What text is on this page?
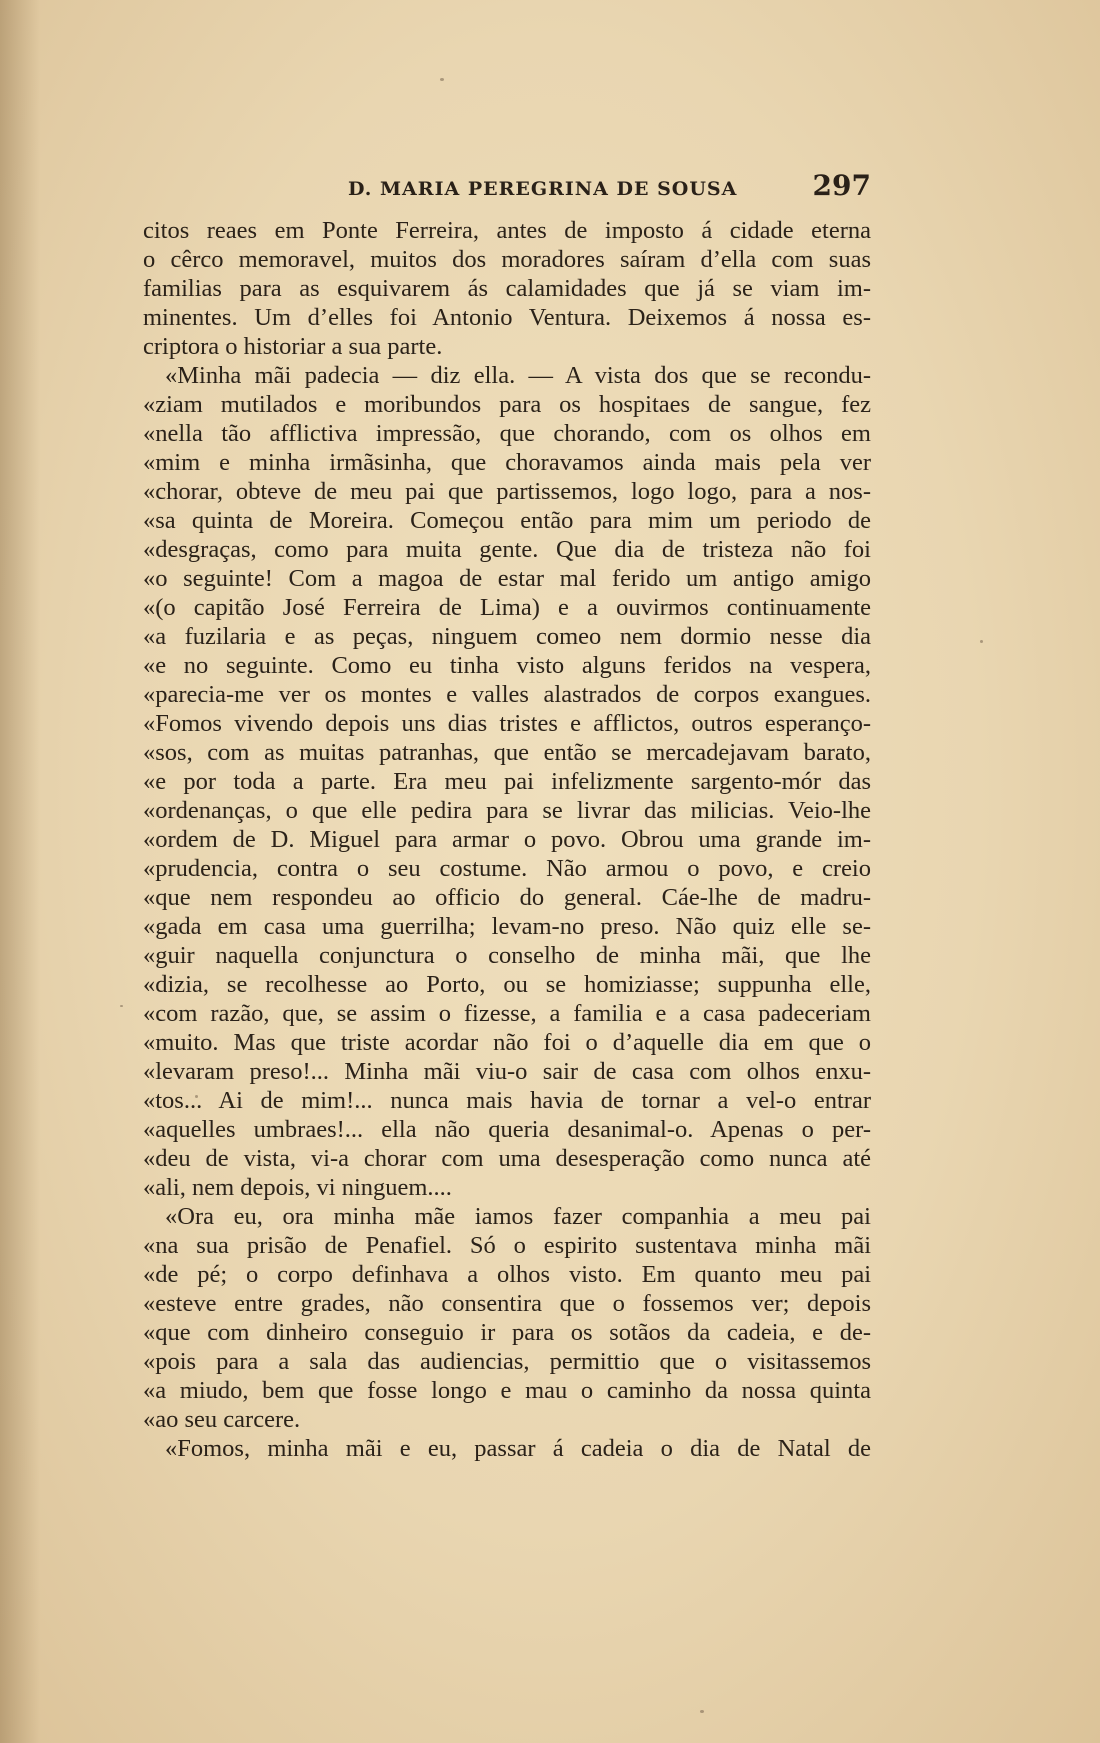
D. MARIA PEREGRINA DE SOUSA	297
citos reaes em Ponte Ferreira, antes de imposto á cidade eterna
o cêrco memoravel, muitos dos moradores saíram d’ella com suas
familias para as esquivarem ás calamidades que já se viam im-
minentes. Um d’elles foi Antonio Ventura. Deixemos á nossa es-
criptora o historiar a sua parte.
«Minha mãi padecia — diz ella. — A vista dos que se recondu-
«ziam mutilados e moribundos para os hospitaes de sangue, fez
«nella tão afflictiva impressão, que chorando, com os olhos em
«mim e minha irmãsinha, que choravamos ainda mais pela ver
«chorar, obteve de meu pai que partissemos, logo logo, para a nos-
«sa quinta de Moreira. Começou então para mim um periodo de
«desgraças, como para muita gente. Que dia de tristeza não foi
«o seguinte! Com a magoa de estar mal ferido um antigo amigo
«(o capitão José Ferreira de Lima) e a ouvirmos continuamente
«a fuzilaria e as peças, ninguem comeo nem dormio nesse dia
«e no seguinte. Como eu tinha visto alguns feridos na vespera,
«parecia-me ver os montes e valles alastrados de corpos exangues.
«Fomos vivendo depois uns dias tristes e afflictos, outros esperanço-
«sos, com as muitas patranhas, que então se mercadejavam barato,
«e por toda a parte. Era meu pai infelizmente sargento-mór das
«ordenanças, o que elle pedira para se livrar das milicias. Veio-lhe
«ordem de D. Miguel para armar o povo. Obrou uma grande im-
«prudencia, contra o seu costume. Não armou o povo, e creio
«que nem respondeu ao officio do general. Cáe-lhe de madru-
«gada em casa uma guerrilha; levam-no preso. Não quiz elle se-
«guir naquella conjunctura o conselho de minha mãi, que lhe
«dizia, se recolhesse ao Porto, ou se homiziasse; suppunha elle,
«com razão, que, se assim o fizesse, a familia e a casa padeceriam
«muito. Mas que triste acordar não foi o d’aquelle dia em que o
«levaram preso!... Minha mãi viu-o sair de casa com olhos enxu-
«tos... Ai de mim!... nunca mais havia de tornar a vel-o entrar
«aquelles umbraes!... ella não queria desanimal-o. Apenas o per-
«deu de vista, vi-a chorar com uma desesperação como nunca até
«ali, nem depois, vi ninguem....
«Ora eu, ora minha mãe iamos fazer companhia a meu pai
«na sua prisão de Penafiel. Só o espirito sustentava minha mãi
«de pé; o corpo definhava a olhos visto. Em quanto meu pai
«esteve entre grades, não consentira que o fossemos ver; depois
«que com dinheiro conseguio ir para os sotãos da cadeia, e de-
«pois para a sala das audiencias, permittio que o visitassemos
«a miudo, bem que fosse longo e mau o caminho da nossa quinta
«ao seu carcere.
«Fomos, minha mãi e eu, passar á cadeia o dia de Natal de
